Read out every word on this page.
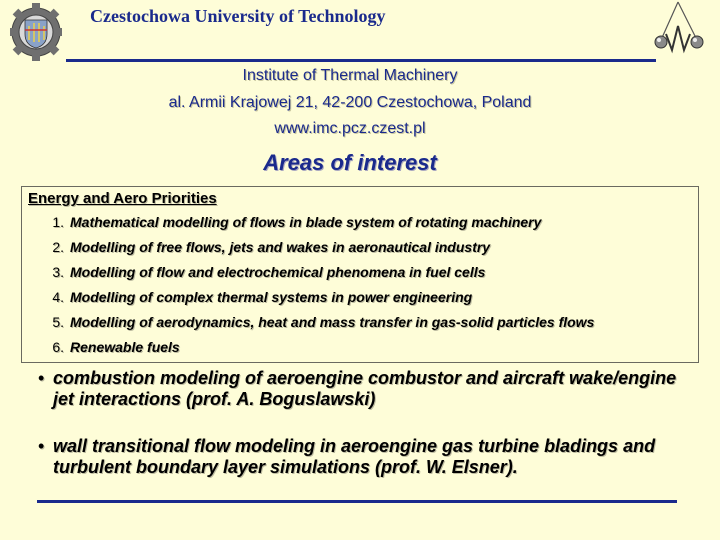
Czestochowa University of Technology
Institute of Thermal Machinery
al. Armii Krajowej 21, 42-200 Czestochowa, Poland
www.imc.pcz.czest.pl
Areas of interest
Energy and Aero Priorities
1. Mathematical modelling of flows in blade system of rotating machinery
2. Modelling of free flows, jets and wakes in aeronautical industry
3. Modelling of flow and electrochemical phenomena in fuel cells
4. Modelling of complex thermal systems in power engineering
5. Modelling of aerodynamics, heat and mass transfer in gas-solid particles flows
6. Renewable fuels
• combustion modeling of aeroengine combustor and aircraft wake/engine jet interactions (prof. A. Boguslawski)
• wall transitional flow modeling in aeroengine gas turbine bladings and turbulent boundary layer simulations (prof. W. Elsner).
